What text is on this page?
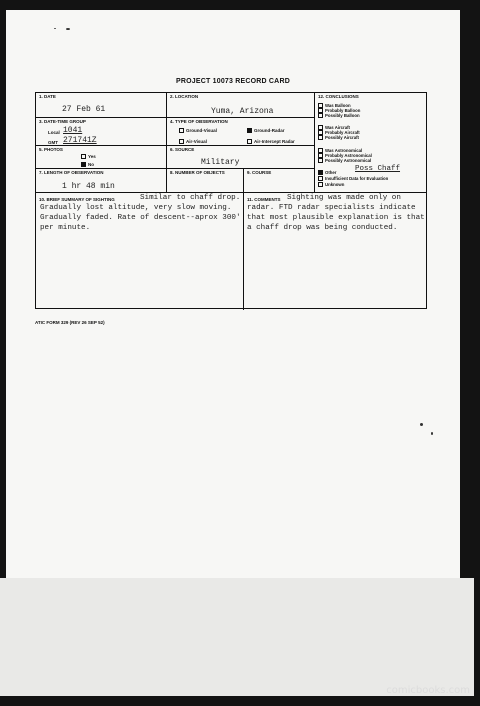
PROJECT 10073 RECORD CARD

1. DATE
27 Feb 61
2. LOCATION
Yuma, Arizona
3. DATE-TIME GROUP
Local 1041
GMT 271741Z
4. TYPE OF OBSERVATION
Ground-Visual	Ground-Radar
Air-Visual	Air-Intercept Radar
5. PHOTOS
Yes
No
6. SOURCE
Military
7. LENGTH OF OBSERVATION
1 hr 48 min
8. NUMBER OF OBJECTS	9. COURSE
12. CONCLUSIONS
Was Balloon
Probably Balloon
Possibly Balloon
Was Aircraft
Probably Aircraft
Possibly Aircraft
Was Astronomical
Probably Astronomical
Possibly Astronomical
Other Poss Chaff
Insufficient Data for Evaluation
Unknown
10. BRIEF SUMMARY OF SIGHTING	Similar to chaff drop.
Gradually lost altitude, very slow moving.
Gradually faded. Rate of descent--aprox 300'
per minute.
11. COMMENTS Sighting was made only on
radar. FTD radar specialists indicate
that most plausible explanation is that
a chaff drop was being conducted.
ATIC FORM 329 (REV 26 SEP 52)
comicbooks.com
